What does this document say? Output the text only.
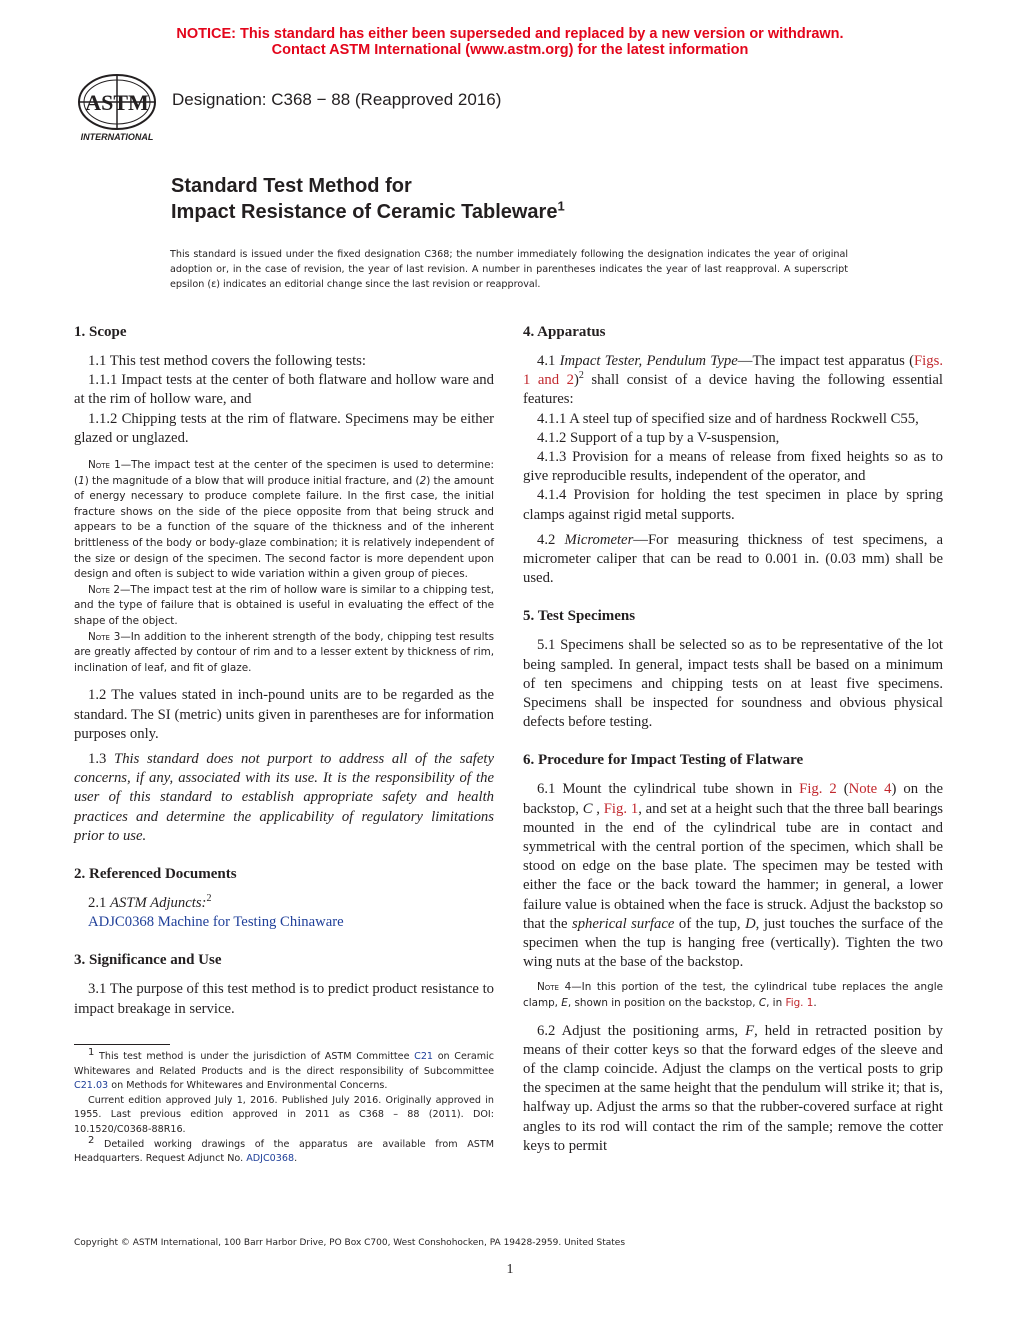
NOTICE: This standard has either been superseded and replaced by a new version or withdrawn.
Contact ASTM International (www.astm.org) for the latest information
ASTM
INTERNATIONAL
Designation: C368 − 88 (Reapproved 2016)
Standard Test Method for
Impact Resistance of Ceramic Tableware$^1$
This standard is issued under the fixed designation C368; the number immediately following the designation indicates the year of original adoption or, in the case of revision, the year of last revision. A number in parentheses indicates the year of last reapproval. A superscript epsilon (ε) indicates an editorial change since the last revision or reapproval.
1. Scope

1.1 This test method covers the following tests:

1.1.1 Impact tests at the center of both flatware and hollow ware and at the rim of hollow ware, and

1.1.2 Chipping tests at the rim of flatware. Specimens may be either glazed or unglazed.

Note 1—The impact test at the center of the specimen is used to determine: (1) the magnitude of a blow that will produce initial fracture, and (2) the amount of energy necessary to produce complete failure. In the first case, the initial fracture shows on the side of the piece opposite from that being struck and appears to be a function of the square of the thickness and of the inherent brittleness of the body or body-glaze combination; it is relatively independent of the size or design of the specimen. The second factor is more dependent upon design and often is subject to wide variation within a given group of pieces.

Note 2—The impact test at the rim of hollow ware is similar to a chipping test, and the type of failure that is obtained is useful in evaluating the effect of the shape of the object.

Note 3—In addition to the inherent strength of the body, chipping test results are greatly affected by contour of rim and to a lesser extent by thickness of rim, inclination of leaf, and fit of glaze.

1.2 The values stated in inch-pound units are to be regarded as the standard. The SI (metric) units given in parentheses are for information purposes only.

1.3 This standard does not purport to address all of the safety concerns, if any, associated with its use. It is the responsibility of the user of this standard to establish appropriate safety and health practices and determine the applicability of regulatory limitations prior to use.

2. Referenced Documents

2.1 ASTM Adjuncts:$^2$

ADJC0368 Machine for Testing Chinaware

3. Significance and Use

3.1 The purpose of this test method is to predict product resistance to impact breakage in service.

$^1$ This test method is under the jurisdiction of ASTM Committee C21 on Ceramic Whitewares and Related Products and is the direct responsibility of Subcommittee C21.03 on Methods for Whitewares and Environmental Concerns.

Current edition approved July 1, 2016. Published July 2016. Originally approved in 1955. Last previous edition approved in 2011 as C368 – 88 (2011). DOI: 10.1520/C0368-88R16.

$^2$ Detailed working drawings of the apparatus are available from ASTM Headquarters. Request Adjunct No. ADJC0368.

4. Apparatus

4.1 Impact Tester, Pendulum Type—The impact test apparatus (Figs. 1 and 2)$^2$ shall consist of a device having the following essential features:

4.1.1 A steel tup of specified size and of hardness Rockwell C55,

4.1.2 Support of a tup by a V-suspension,

4.1.3 Provision for a means of release from fixed heights so as to give reproducible results, independent of the operator, and

4.1.4 Provision for holding the test specimen in place by spring clamps against rigid metal supports.

4.2 Micrometer—For measuring thickness of test specimens, a micrometer caliper that can be read to 0.001 in. (0.03 mm) shall be used.

5. Test Specimens

5.1 Specimens shall be selected so as to be representative of the lot being sampled. In general, impact tests shall be based on a minimum of ten specimens and chipping tests on at least five specimens. Specimens shall be inspected for soundness and obvious physical defects before testing.

6. Procedure for Impact Testing of Flatware

6.1 Mount the cylindrical tube shown in Fig. 2 (Note 4) on the backstop, C , Fig. 1, and set at a height such that the three ball bearings mounted in the end of the cylindrical tube are in contact and symmetrical with the central portion of the specimen, which shall be stood on edge on the base plate. The specimen may be tested with either the face or the back toward the hammer; in general, a lower failure value is obtained when the face is struck. Adjust the backstop so that the spherical surface of the tup, D, just touches the surface of the specimen when the tup is hanging free (vertically). Tighten the two wing nuts at the base of the backstop.

Note 4—In this portion of the test, the cylindrical tube replaces the angle clamp, E, shown in position on the backstop, C, in Fig. 1.

6.2 Adjust the positioning arms, F, held in retracted position by means of their cotter keys so that the forward edges of the sleeve and of the clamp coincide. Adjust the clamps on the vertical posts to grip the specimen at the same height that the pendulum will strike it; that is, halfway up. Adjust the arms so that the rubber-covered surface at right angles to its rod will contact the rim of the sample; remove the cotter keys to permit

Copyright © ASTM International, 100 Barr Harbor Drive, PO Box C700, West Conshohocken, PA 19428-2959. United States
1
